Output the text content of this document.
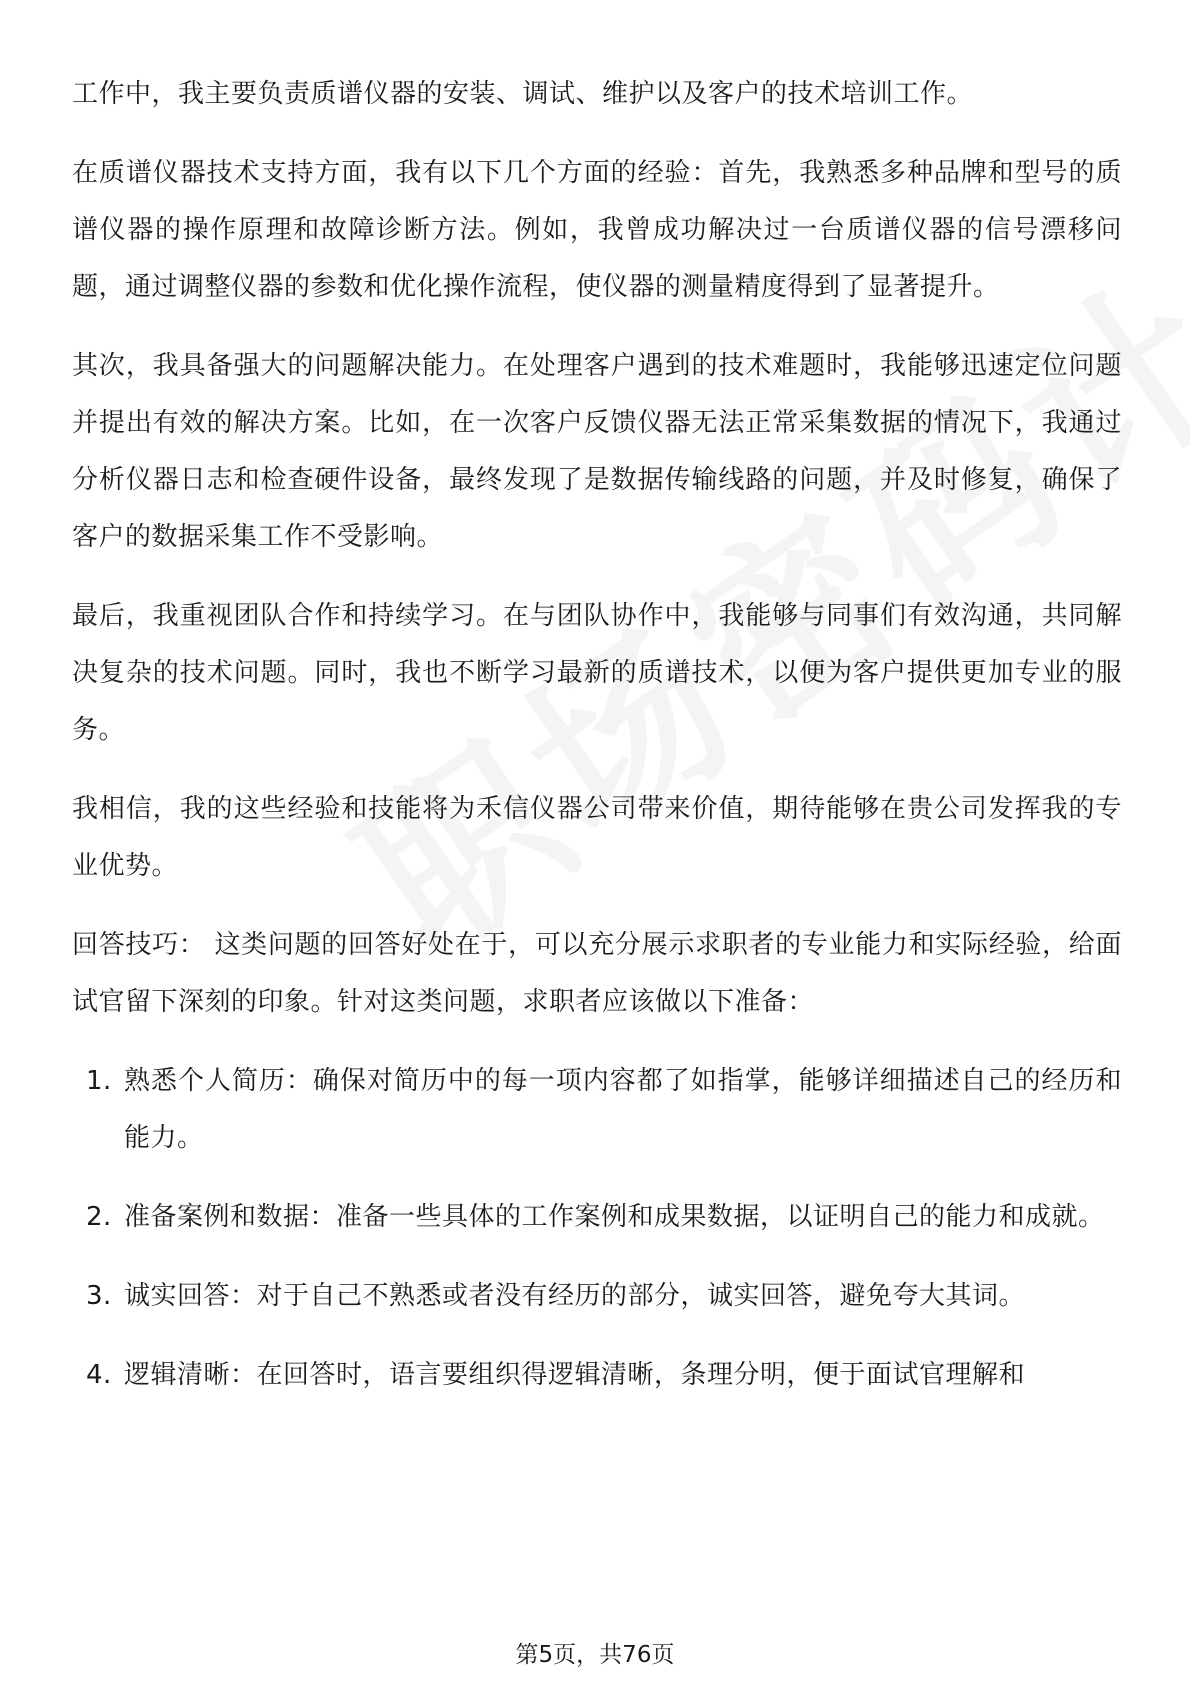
工作中，我主要负责质谱仪器的安装、调试、维护以及客户的技术培训工作。

在质谱仪器技术支持方面，我有以下几个方面的经验：首先，我熟悉多种品牌和型号的质谱仪器的操作原理和故障诊断方法。例如，我曾成功解决过一台质谱仪器的信号漂移问题，通过调整仪器的参数和优化操作流程，使仪器的测量精度得到了显著提升。

其次，我具备强大的问题解决能力。在处理客户遇到的技术难题时，我能够迅速定位问题并提出有效的解决方案。比如，在一次客户反馈仪器无法正常采集数据的情况下，我通过分析仪器日志和检查硬件设备，最终发现了是数据传输线路的问题，并及时修复，确保了客户的数据采集工作不受影响。

最后，我重视团队合作和持续学习。在与团队协作中，我能够与同事们有效沟通，共同解决复杂的技术问题。同时，我也不断学习最新的质谱技术，以便为客户提供更加专业的服务。

我相信，我的这些经验和技能将为禾信仪器公司带来价值，期待能够在贵公司发挥我的专业优势。

回答技巧： 这类问题的回答好处在于，可以充分展示求职者的专业能力和实际经验，给面试官留下深刻的印象。针对这类问题，求职者应该做以下准备：

1. 熟悉个人简历：确保对简历中的每一项内容都了如指掌，能够详细描述自己的经历和能力。
2. 准备案例和数据：准备一些具体的工作案例和成果数据，以证明自己的能力和成就。
3. 诚实回答：对于自己不熟悉或者没有经历的部分，诚实回答，避免夸大其词。
4. 逻辑清晰：在回答时，语言要组织得逻辑清晰，条理分明，便于面试官理解和
第5页，共76页
